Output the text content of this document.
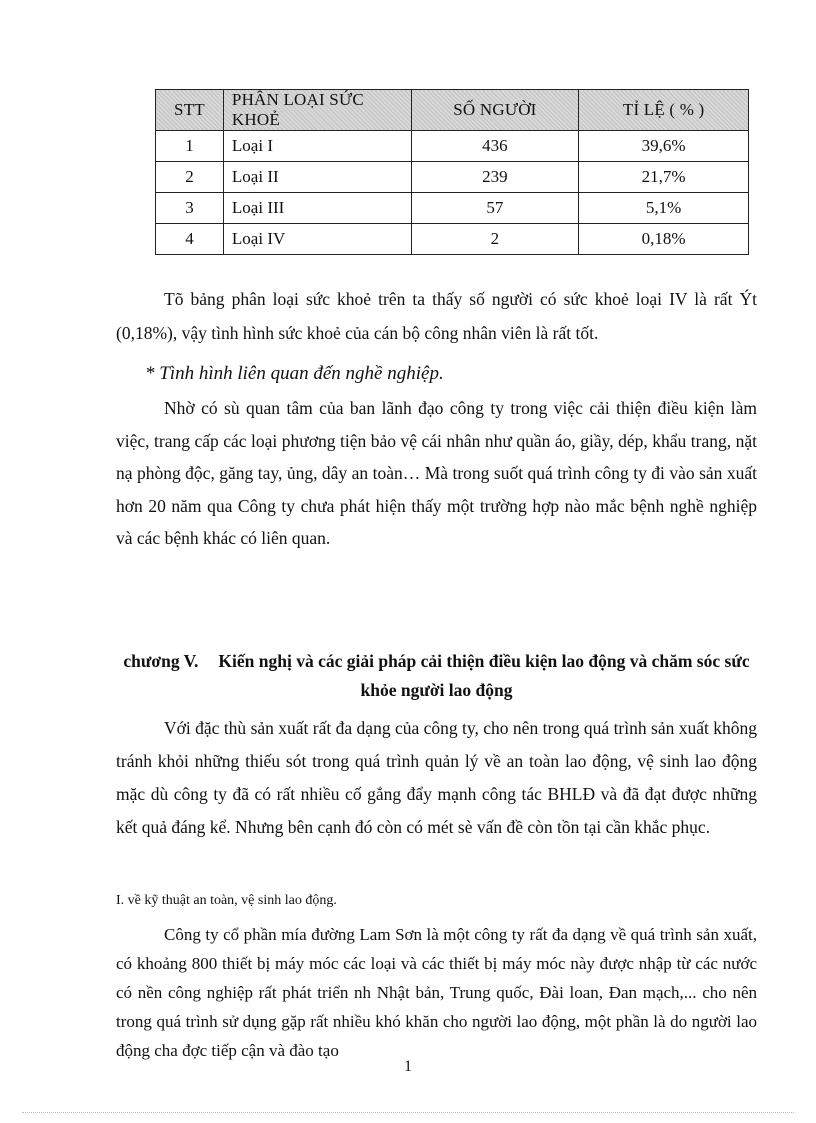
STT	PHÂN LOẠI SỨC KHOẺ	SỐ NGƯỜI	TỈ LỆ ( % )
1	Loại I	436	39,6%
2	Loại II	239	21,7%
3	Loại III	57	5,1%
4	Loại IV	2	0,18%

Tõ bảng phân loại sức khoẻ trên ta thấy số người có sức khoẻ loại IV là rất Ýt (0,18%), vậy tình hình sức khoẻ của cán bộ công nhân viên là rất tốt.

* Tình hình liên quan đến nghề nghiệp.

Nhờ có sù quan tâm của ban lãnh đạo công ty trong việc cải thiện điều kiện làm việc, trang cấp các loại phương tiện bảo vệ cái nhân như quần áo, giầy, dép, khẩu trang, nặt nạ phòng độc, găng tay, ủng, dây an toàn… Mà trong suốt quá trình công ty đi vào sản xuất hơn 20 năm qua Công ty chưa phát hiện thấy một trường hợp nào mắc bệnh nghề nghiệp và các bệnh khác có liên quan.

chương V. Kiến nghị và các giải pháp cải thiện điều kiện lao động và chăm sóc sức khỏe người lao động

Với đặc thù sản xuất rất đa dạng của công ty, cho nên trong quá trình sản xuất không tránh khỏi những thiếu sót trong quá trình quản lý về an toàn lao động, vệ sinh lao động mặc dù công ty đã có rất nhiều cố gắng đẩy mạnh công tác BHLĐ và đã đạt được những kết quả đáng kể. Nhưng bên cạnh đó còn có mét sè vấn đề còn tồn tại cần khắc phục.

I. về kỹ thuật an toàn, vệ sinh lao động.

Công ty cổ phần mía đường Lam Sơn là một công ty rất đa dạng về quá trình sản xuất, có khoảng 800 thiết bị máy móc các loại và các thiết bị máy móc này được nhập từ các nước có nền công nghiệp rất phát triển nh Nhật bản, Trung quốc, Đài loan, Đan mạch,... cho nên trong quá trình sử dụng gặp rất nhiều khó khăn cho người lao động, một phần là do người lao động cha đợc tiếp cận và đào tạo

1
